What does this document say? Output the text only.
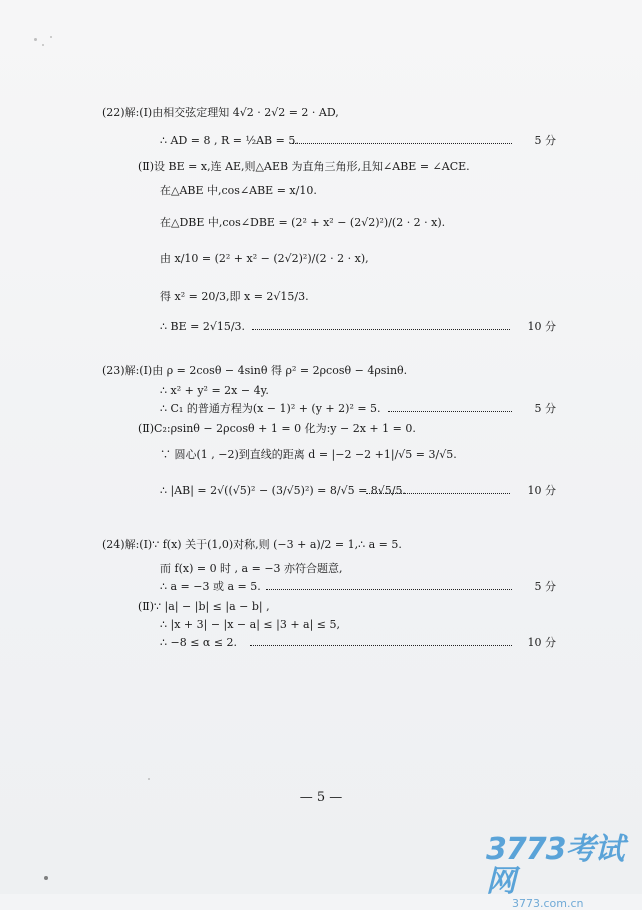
(22)解:(Ⅰ)由相交弦定理知 4√2 · 2√2 = 2 · AD,
∴ AD = 8 , R = ½AB = 5.	5 分
(Ⅱ)设 BE = x,连 AE,则△AEB 为直角三角形,且知∠ABE = ∠ACE.
在△ABE 中,cos∠ABE = x/10.
在△DBE 中,cos∠DBE = (2² + x² − (2√2)²)/(2 · 2 · x).
由 x/10 = (2² + x² − (2√2)²)/(2 · 2 · x),
得 x² = 20/3,即 x = 2√15/3.
∴ BE = 2√15/3.	10 分
(23)解:(Ⅰ)由 ρ = 2cosθ − 4sinθ 得 ρ² = 2ρcosθ − 4ρsinθ.
∴ x² + y² = 2x − 4y.
∴ C₁ 的普通方程为(x − 1)² + (y + 2)² = 5.	5 分
(Ⅱ)C₂:ρsinθ − 2ρcosθ + 1 = 0 化为:y − 2x + 1 = 0.
∵ 圆心(1 , −2)到直线的距离 d = |−2 −2 +1|/√5 = 3/√5.
∴ |AB| = 2√((√5)² − (3/√5)²) = 8/√5 = 8√5/5.	10 分
(24)解:(Ⅰ)∵ f(x) 关于(1,0)对称,则 (−3 + a)/2 = 1,∴ a = 5.
而 f(x) = 0 时 , a = −3 亦符合题意,
∴ a = −3 或 a = 5.	5 分
(Ⅱ)∵ |a| − |b| ≤ |a − b| ,
∴ |x + 3| − |x − a| ≤ |3 + a| ≤ 5,
∴ −8 ≤ α ≤ 2.	10 分
— 5 —
3773考试网
3773.com.cn
